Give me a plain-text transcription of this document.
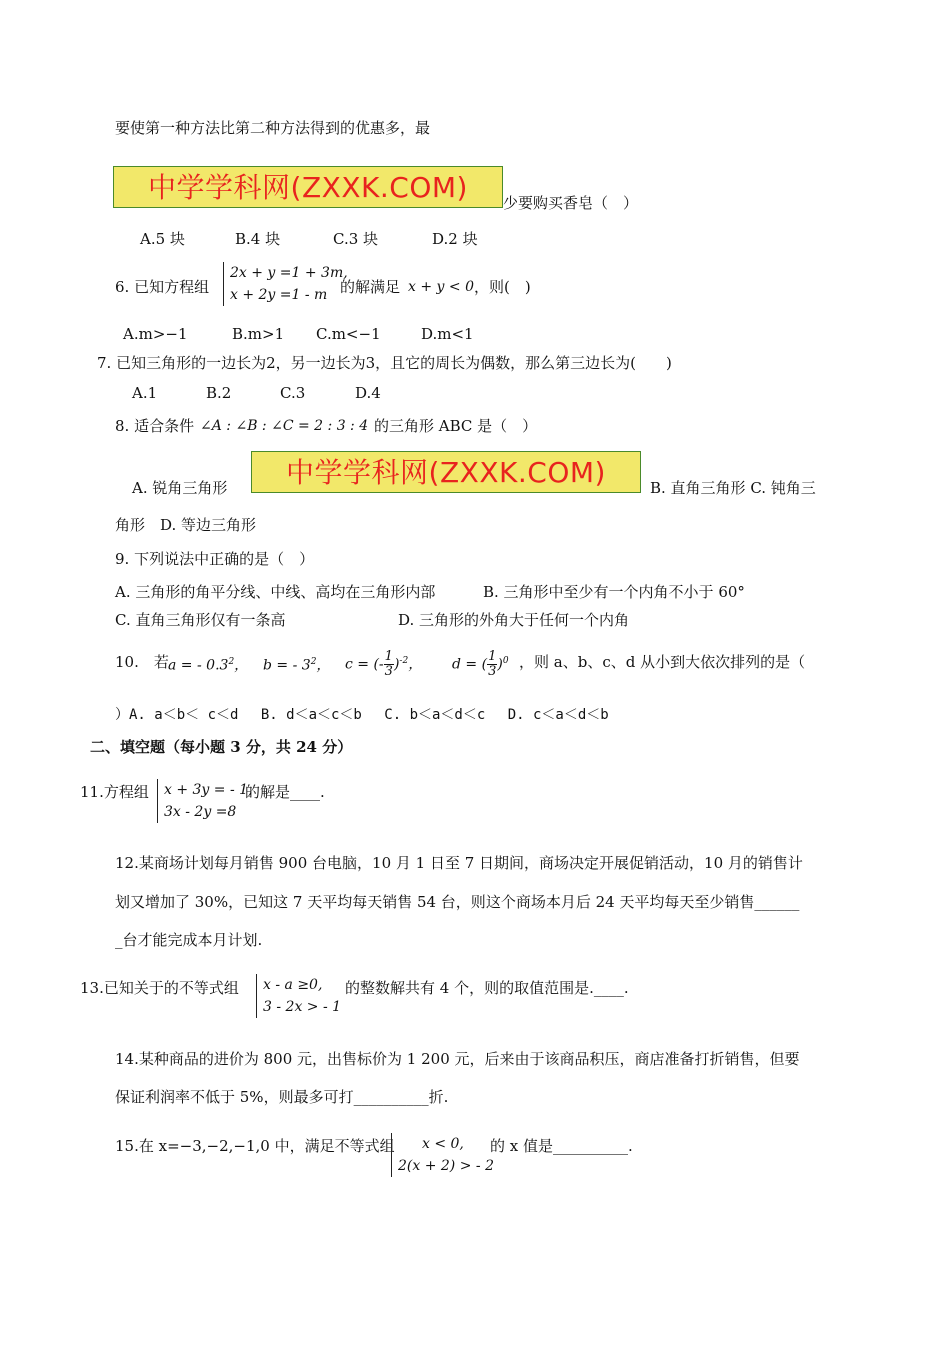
要使第一种方法比第二种方法得到的优惠多，最
中学学科网(ZXXK.COM)	少要购买香皂（　）
A.5 块	B.4 块	C.3 块	D.2 块
6. 已知方程组
2x + y =1 + 3m,
x + 2y =1 - m 的解满足 x + y < 0 ，则(　)
A.m>−1	B.m>1 C.m<−1	D.m<1
7. 已知三角形的一边长为2，另一边长为3，且它的周长为偶数，那么第三边长为(　　)
A.1	B.2	C.3	D.4
8. 适合条件 ∠A : ∠B : ∠C = 2 : 3 : 4 的三角形 ABC 是（　）
A. 锐角三角形	中学学科网(ZXXK.COM)	B. 直角三角形 C. 钝角三
角形　D. 等边三角形
9. 下列说法中正确的是（　）
A. 三角形的角平分线、中线、高均在三角形内部	B. 三角形中至少有一个内角不小于 60°
C. 直角三角形仅有一条高	D. 三角形的外角大于任何一个内角
10.　若 a = - $0.3^2$， b = - $3^2$， c = (- $\frac{1}{3} )^{-2}$， d = ( $\frac{1}{3} )^0$ ，则 a、b、c、d 从小到大依次排列的是（
）A. a＜b＜ c＜d　 B. d＜a＜c＜b　 C. b＜a＜d＜c　 D. c＜a＜d＜b
二、填空题（每小题 3 分，共 24 分）
11.方程组 x + 3y = - 1,
3x - 2y =8
的解是____.
12.某商场计划每月销售 900 台电脑，10 月 1 日至 7 日期间，商场决定开展促销活动，10 月的销售计
划又增加了 30%，已知这 7 天平均每天销售 54 台，则这个商场本月后 24 天平均每天至少销售______
_台才能完成本月计划.
13.已知关于的不等式组 x - a ≥0,
3 - 2x > - 1
的整数解共有 4 个，则的取值范围是.____.
14.某种商品的进价为 800 元，出售标价为 1 200 元，后来由于该商品积压，商店准备打折销售，但要
保证利润率不低于 5%，则最多可打__________折.
15.在 x=−3,−2,−1,0 中，满足不等式组	x < 0,
2(x + 2) > - 2
的 x 值是__________.
